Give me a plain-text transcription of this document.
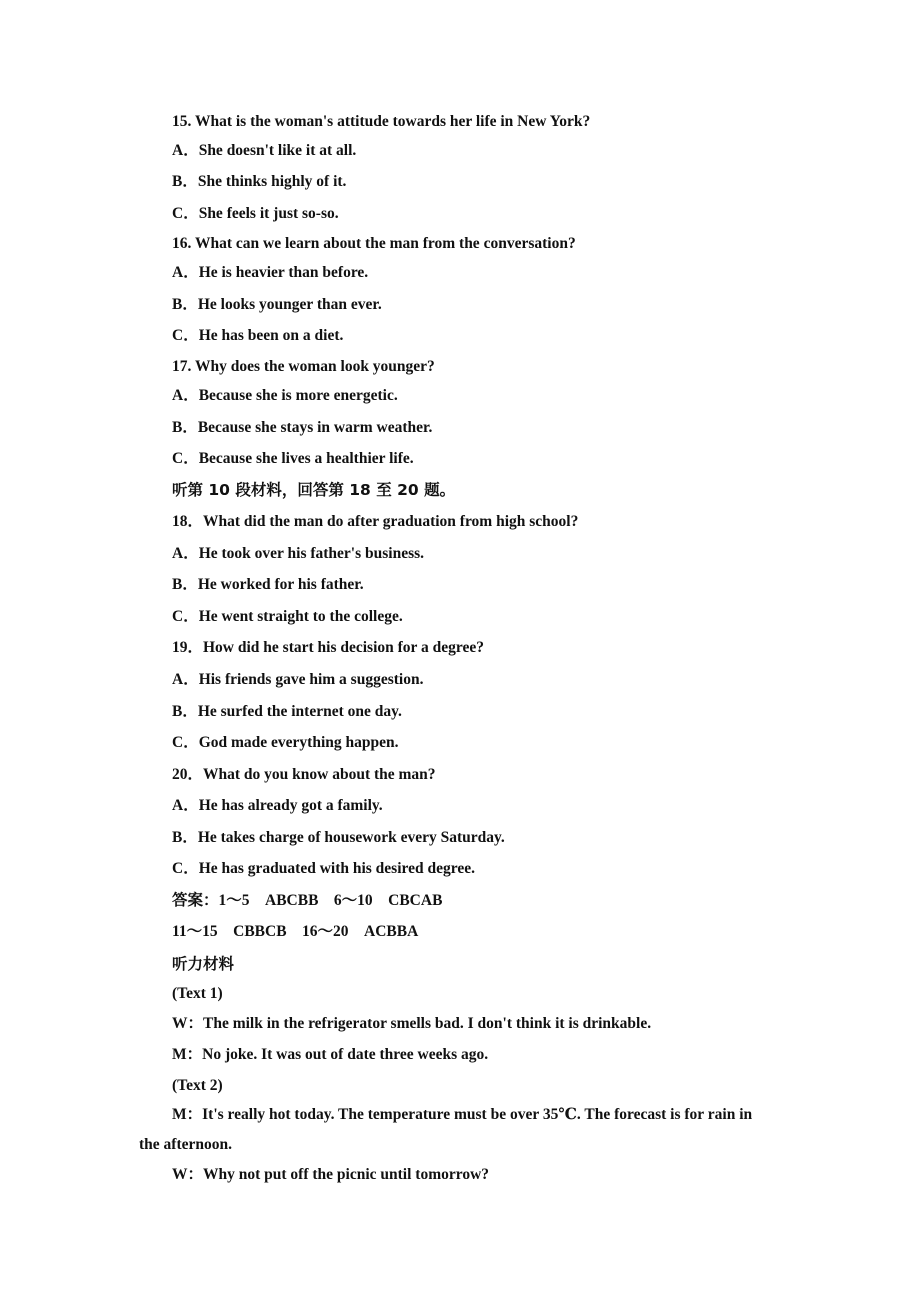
15. What is the woman's attitude towards her life in New York?
A．She doesn't like it at all.
B．She thinks highly of it.
C．She feels it just so-so.
16. What can we learn about the man from the conversation?
A．He is heavier than before.
B．He looks younger than ever.
C．He has been on a diet.
17. Why does the woman look younger?
A．Because she is more energetic.
B．Because she stays in warm weather.
C．Because she lives a healthier life.
听第 10 段材料，回答第 18 至 20 题。
18．What did the man do after graduation from high school?
A．He took over his father's business.
B．He worked for his father.
C．He went straight to the college.
19．How did he start his decision for a degree?
A．His friends gave him a suggestion.
B．He surfed the internet one day.
C．God made everything happen.
20．What do you know about the man?
A．He has already got a family.
B．He takes charge of housework every Saturday.
C．He has graduated with his desired degree.
答案：1～5　ABCBB　6～10　CBCAB
11～15　CBBCB　16～20　ACBBA
听力材料
(Text 1)
W：The milk in the refrigerator smells bad. I don't think it is drinkable.
M：No joke. It was out of date three weeks ago.
(Text 2)
M：It's really hot today. The temperature must be over 35℃. The forecast is for rain in
the afternoon.
W：Why not put off the picnic until tomorrow?
